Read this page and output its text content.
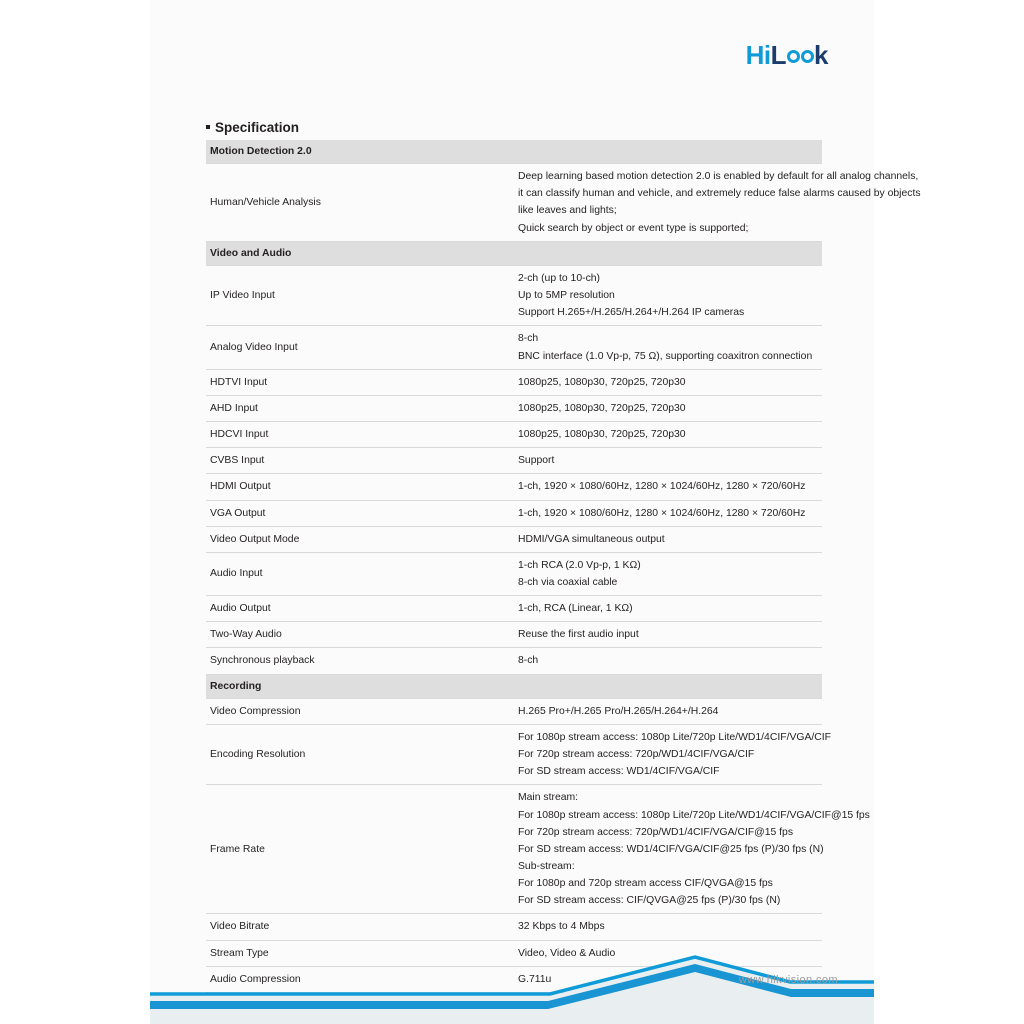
HiL k
Specification
Motion Detection 2.0	
Human/Vehicle Analysis	Deep learning based motion detection 2.0 is enabled by default for all analog channels,
it can classify human and vehicle, and extremely reduce false alarms caused by objects
like leaves and lights;
Quick search by object or event type is supported;

Video and Audio	
IP Video Input	2-ch (up to 10-ch)
Up to 5MP resolution
Support H.265+/H.265/H.264+/H.264 IP cameras

Analog Video Input	8-ch
BNC interface (1.0 Vp-p, 75 Ω), supporting coaxitron connection

HDTVI Input	1080p25, 1080p30, 720p25, 720p30

AHD Input	1080p25, 1080p30, 720p25, 720p30

HDCVI Input	1080p25, 1080p30, 720p25, 720p30

CVBS Input	Support

HDMI Output	1-ch, 1920 × 1080/60Hz, 1280 × 1024/60Hz, 1280 × 720/60Hz

VGA Output	1-ch, 1920 × 1080/60Hz, 1280 × 1024/60Hz, 1280 × 720/60Hz

Video Output Mode	HDMI/VGA simultaneous output

Audio Input	1-ch RCA (2.0 Vp-p, 1 KΩ)
8-ch via coaxial cable

Audio Output	1-ch, RCA (Linear, 1 KΩ)

Two-Way Audio	Reuse the first audio input

Synchronous playback	8-ch

Recording	
Video Compression	H.265 Pro+/H.265 Pro/H.265/H.264+/H.264

Encoding Resolution	For 1080p stream access: 1080p Lite/720p Lite/WD1/4CIF/VGA/CIF
For 720p stream access: 720p/WD1/4CIF/VGA/CIF
For SD stream access: WD1/4CIF/VGA/CIF

Frame Rate	
Main stream:
For 1080p stream access: 1080p Lite/720p Lite/WD1/4CIF/VGA/CIF@15 fps
For 720p stream access: 720p/WD1/4CIF/VGA/CIF@15 fps
For SD stream access: WD1/4CIF/VGA/CIF@25 fps (P)/30 fps (N)
Sub-stream:
For 1080p and 720p stream access CIF/QVGA@15 fps
For SD stream access: CIF/QVGA@25 fps (P)/30 fps (N)

Video Bitrate	32 Kbps to 4 Mbps

Stream Type	Video, Video & Audio

Audio Compression	G.711u

		www.hikvision.com
